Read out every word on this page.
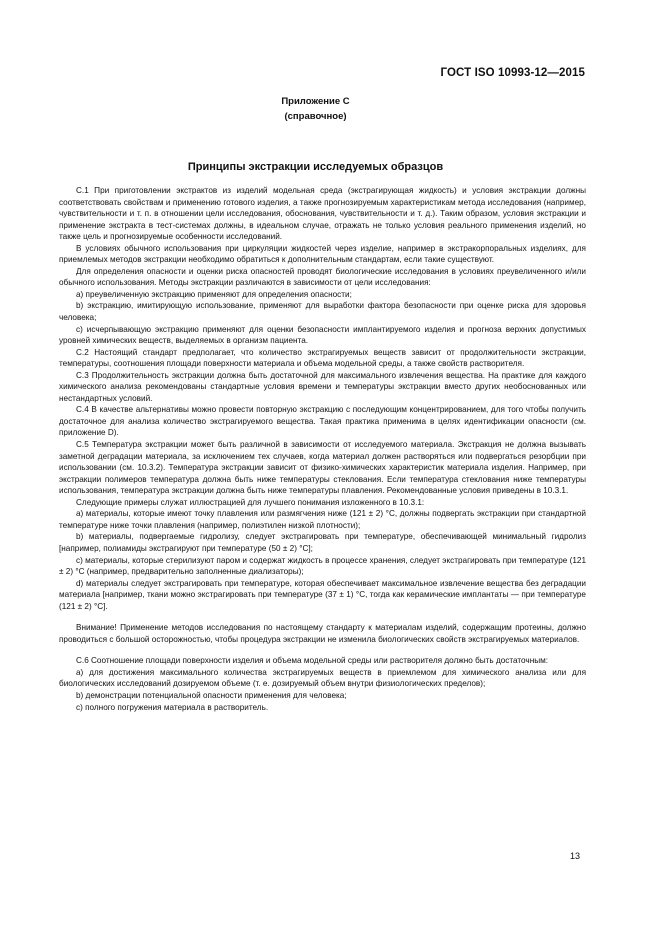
ГОСТ ISO 10993-12—2015
Приложение С
(справочное)
Принципы экстракции исследуемых образцов

С.1 При приготовлении экстрактов из изделий модельная среда (экстрагирующая жидкость) и условия экстракции должны соответствовать свойствам и применению готового изделия, а также прогнозируемым характеристикам метода исследования (например, чувствительности и т. п. в отношении цели исследования, обоснования, чувствительности и т. д.). Таким образом, условия экстракции и применение экстракта в тест-системах должны, в идеальном случае, отражать не только условия реального применения изделий, но также цель и прогнозируемые особенности исследований.

В условиях обычного использования при циркуляции жидкостей через изделие, например в экстракорпоральных изделиях, для приемлемых методов экстракции необходимо обратиться к дополнительным стандартам, если такие существуют.

Для определения опасности и оценки риска опасностей проводят биологические исследования в условиях преувеличенного и/или обычного использования. Методы экстракции различаются в зависимости от цели исследования:

a) преувеличенную экстракцию применяют для определения опасности;

b) экстракцию, имитирующую использование, применяют для выработки фактора безопасности при оценке риска для здоровья человека;

c) исчерпывающую экстракцию применяют для оценки безопасности имплантируемого изделия и прогноза верхних допустимых уровней химических веществ, выделяемых в организм пациента.

С.2 Настоящий стандарт предполагает, что количество экстрагируемых веществ зависит от продолжительности экстракции, температуры, соотношения площади поверхности материала и объема модельной среды, а также свойств растворителя.

С.3 Продолжительность экстракции должна быть достаточной для максимального извлечения вещества. На практике для каждого химического анализа рекомендованы стандартные условия времени и температуры экстракции вместо других необоснованных или нестандартных условий.

С.4 В качестве альтернативы можно провести повторную экстракцию с последующим концентрированием, для того чтобы получить достаточное для анализа количество экстрагируемого вещества. Такая практика применима в целях идентификации опасности (см. приложение D).

С.5 Температура экстракции может быть различной в зависимости от исследуемого материала. Экстракция не должна вызывать заметной деградации материала, за исключением тех случаев, когда материал должен растворяться или подвергаться резорбции при использовании (см. 10.3.2). Температура экстракции зависит от физико-химических характеристик материала изделия. Например, при экстракции полимеров температура должна быть ниже температуры стеклования. Если температура стеклования ниже температуры использования, температура экстракции должна быть ниже температуры плавления. Рекомендованные условия приведены в 10.3.1.

Следующие примеры служат иллюстрацией для лучшего понимания изложенного в 10.3.1:

a) материалы, которые имеют точку плавления или размягчения ниже (121 ± 2) °С, должны подвергать экстракции при стандартной температуре ниже точки плавления (например, полиэтилен низкой плотности);

b) материалы, подвергаемые гидролизу, следует экстрагировать при температуре, обеспечивающей минимальный гидролиз [например, полиамиды экстрагируют при температуре (50 ± 2) °С];

c) материалы, которые стерилизуют паром и содержат жидкость в процессе хранения, следует экстрагировать при температуре (121 ± 2) °С (например, предварительно заполненные диализаторы);

d) материалы следует экстрагировать при температуре, которая обеспечивает максимальное извлечение вещества без деградации материала [например, ткани можно экстрагировать при температуре (37 ± 1) °С, тогда как керамические имплантаты — при температуре (121 ± 2) °С].

Внимание! Применение методов исследования по настоящему стандарту к материалам изделий, содержащим протеины, должно проводиться с большой осторожностью, чтобы процедура экстракции не изменила биологических свойств экстрагируемых материалов.

С.6 Соотношение площади поверхности изделия и объема модельной среды или растворителя должно быть достаточным:

a) для достижения максимального количества экстрагируемых веществ в приемлемом для химического анализа или для биологических исследований дозируемом объеме (т. е. дозируемый объем внутри физиологических пределов);

b) демонстрации потенциальной опасности применения для человека;

c) полного погружения материала в растворитель.

13
